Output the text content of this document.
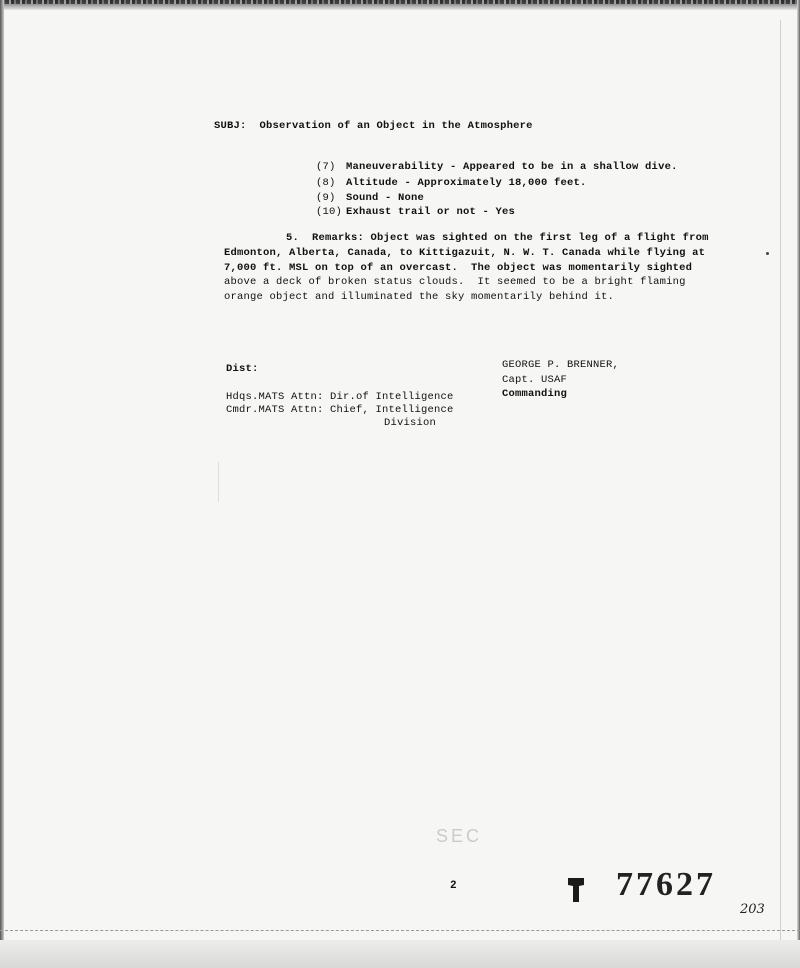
SUBJ: Observation of an Object in the Atmosphere
(7) Maneuverability - Appeared to be in a shallow dive.
(8) Altitude - Approximately 18,000 feet.
(9) Sound - None
(10) Exhaust trail or not - Yes
5.  Remarks: Object was sighted on the first leg of a flight from
Edmonton, Alberta, Canada, to Kittigazuit, N. W. T. Canada while flying at
7,000 ft. MSL on top of an overcast.  The object was momentarily sighted
above a deck of broken status clouds.  It seemed to be a bright flaming
orange object and illuminated the sky momentarily behind it.
Dist:
Hdqs.MATS Attn: Dir.of Intelligence
Cmdr.MATS Attn: Chief, Intelligence
Division
GEORGE P. BRENNER,
Capt. USAF
Commanding
SEC
2	77627
203
